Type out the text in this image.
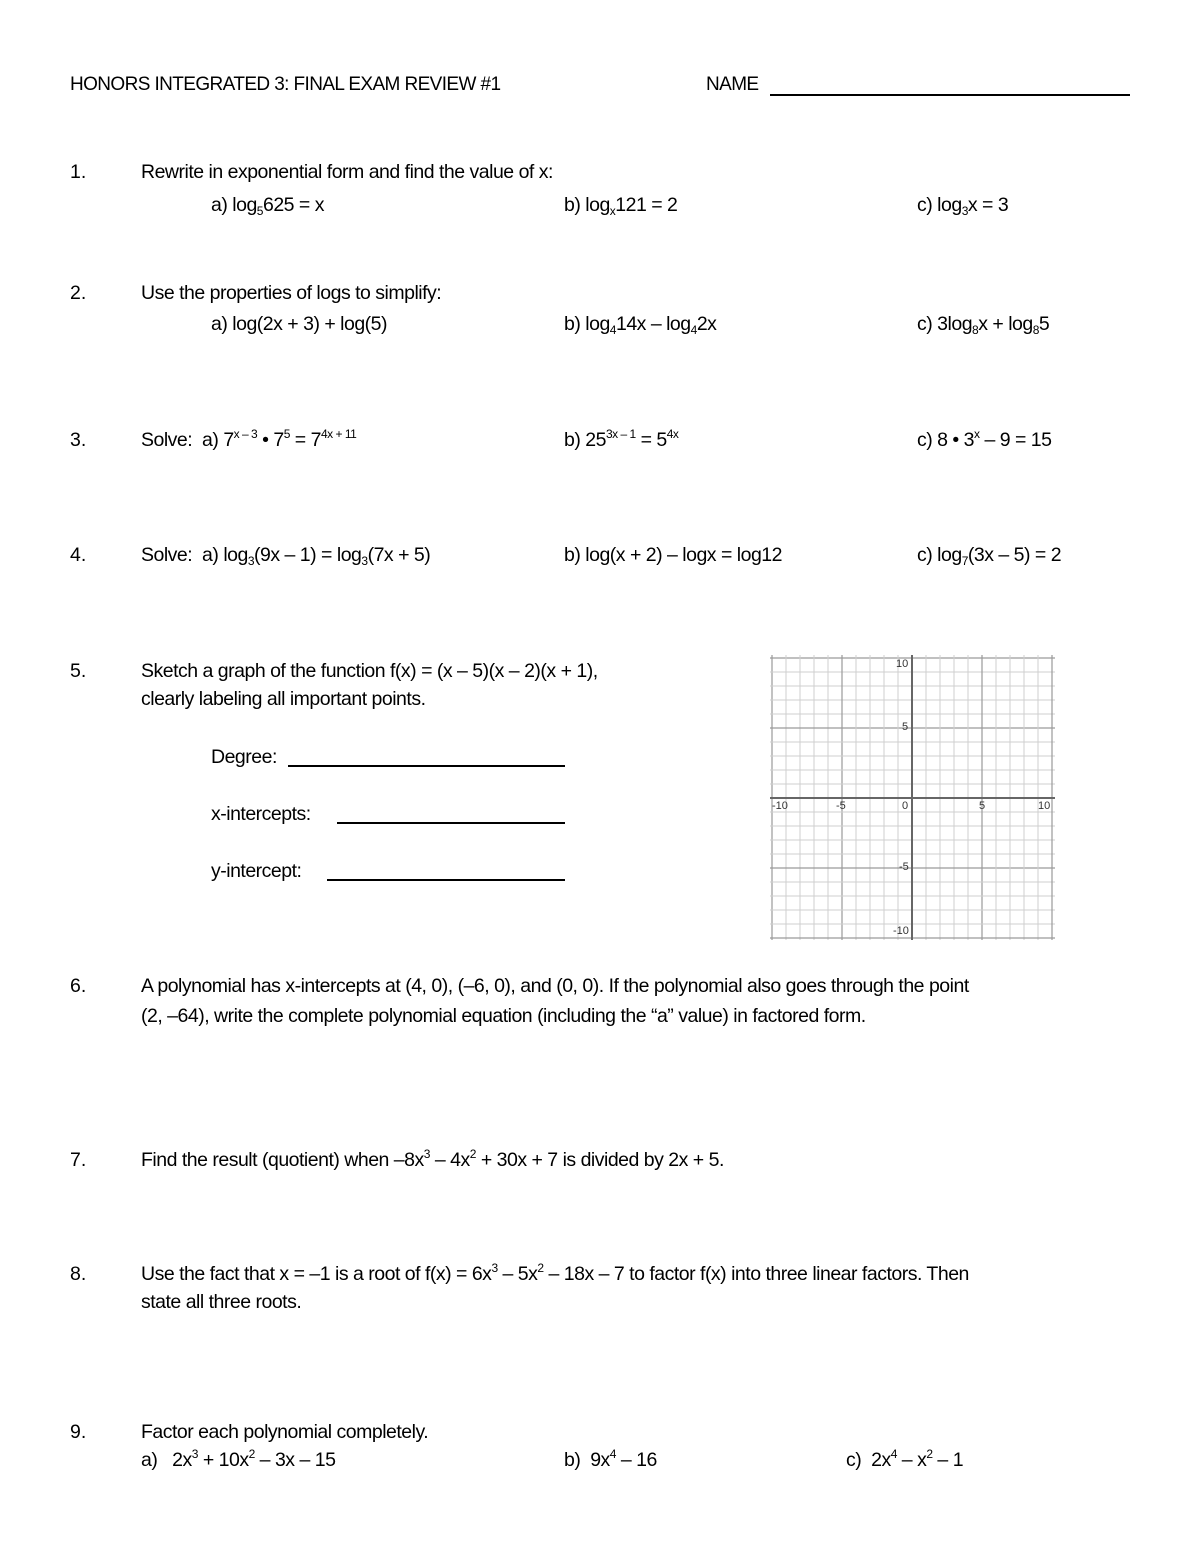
HONORS INTEGRATED 3: FINAL EXAM REVIEW #1	NAME
1.	Rewrite in exponential form and find the value of x:
a) $\log_5625 = x$	b) $\log_x121 = 2$	c) $\log_3x = 3$
2.	Use the properties of logs to simplify:
a) log(2x + 3) + log(5)	b) $\log_414x - \log_42x$	c) $3\log_8x + \log_85$
3.	Solve: a) 7$^{x - 3}$ • $7^5 = 7^{4x + 11}$	b) $25^{3x - 1} = 5^{4x}$	c) 8 • 3$^x$ – 9 = 15
4.	Solve: a) $\log_3(9x - 1) = \log_3(7x + 5)$	b) log(x + 2) – logx = log12	c) $\log_7(3x - 5) = 2$
5.	Sketch a graph of the function f(x) = (x – 5)(x – 2)(x + 1),
clearly labeling all important points.
Degree:
x-intercepts:
y-intercept:
-10	-5	0	5	10
10
5
-5
-10
6.	A polynomial has x-intercepts at (4, 0), (–6, 0), and (0, 0). If the polynomial also goes through the point
(2, –64), write the complete polynomial equation (including the “a” value) in factored form.
7.	Find the result (quotient) when $-8x^3 - 4x^2 + 30x + 7$ is divided by 2x + 5.
8.	Use the fact that x = –1 is a root of $f(x) = 6x^3 - 5x^2 - 18x - 7$ to factor f(x) into three linear factors. Then
state all three roots.
9.	Factor each polynomial completely.
a) $2x^3 + 10x^2 - 3x - 15$	b) $9x^4 - 16$	c) $2x^4 - x^2 - 1$
